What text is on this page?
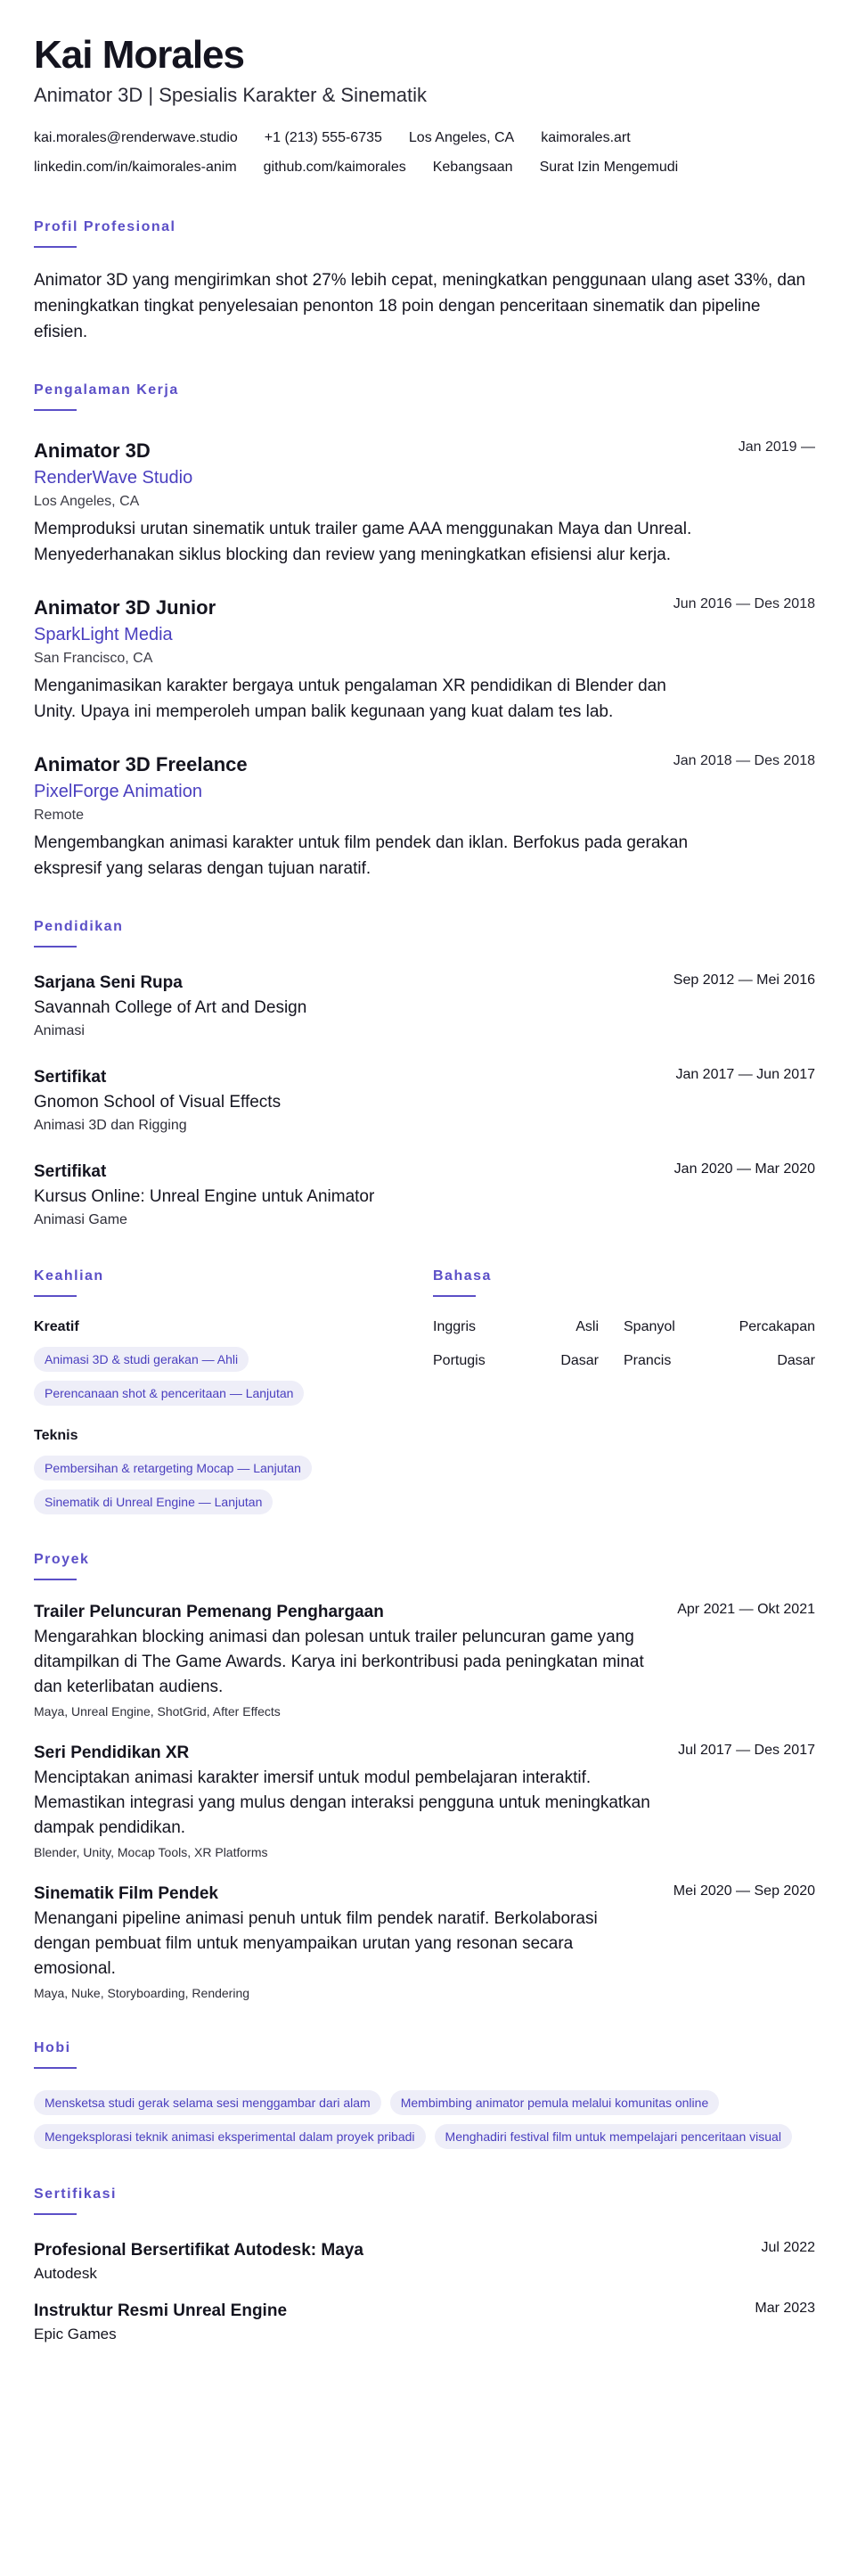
Kai Morales
Animator 3D | Spesialis Karakter & Sinematik
kai.morales@renderwave.studio +1 (213) 555-6735 Los Angeles, CA kaimorales.art
linkedin.com/in/kaimorales-anim github.com/kaimorales Kebangsaan Surat Izin Mengemudi
Profil Profesional
Animator 3D yang mengirimkan shot 27% lebih cepat, meningkatkan penggunaan ulang aset 33%, dan meningkatkan tingkat penyelesaian penonton 18 poin dengan penceritaan sinematik dan pipeline efisien.
Pengalaman Kerja
Jan 2019 —
Animator 3D
RenderWave Studio
Los Angeles, CA
Memproduksi urutan sinematik untuk trailer game AAA menggunakan Maya dan Unreal. Menyederhanakan siklus blocking dan review yang meningkatkan efisiensi alur kerja.
Jun 2016 — Des 2018
Animator 3D Junior
SparkLight Media
San Francisco, CA
Menganimasikan karakter bergaya untuk pengalaman XR pendidikan di Blender dan Unity. Upaya ini memperoleh umpan balik kegunaan yang kuat dalam tes lab.
Jan 2018 — Des 2018
Animator 3D Freelance
PixelForge Animation
Remote
Mengembangkan animasi karakter untuk film pendek dan iklan. Berfokus pada gerakan ekspresif yang selaras dengan tujuan naratif.
Pendidikan
Sep 2012 — Mei 2016
Sarjana Seni Rupa
Savannah College of Art and Design
Animasi
Jan 2017 — Jun 2017
Sertifikat
Gnomon School of Visual Effects
Animasi 3D dan Rigging
Jan 2020 — Mar 2020
Sertifikat
Kursus Online: Unreal Engine untuk Animator
Animasi Game
Keahlian
Kreatif
Animasi 3D & studi gerakan — Ahli
Perencanaan shot & penceritaan — Lanjutan
Teknis
Pembersihan & retargeting Mocap — Lanjutan
Sinematik di Unreal Engine — Lanjutan
Bahasa
Inggris	Asli Spanyol	Percakapan
Portugis	Dasar Prancis	Dasar
Proyek
Apr 2021 — Okt 2021
Trailer Peluncuran Pemenang Penghargaan
Mengarahkan blocking animasi dan polesan untuk trailer peluncuran game yang ditampilkan di The Game Awards. Karya ini berkontribusi pada peningkatan minat dan keterlibatan audiens.
Maya, Unreal Engine, ShotGrid, After Effects
Jul 2017 — Des 2017
Seri Pendidikan XR
Menciptakan animasi karakter imersif untuk modul pembelajaran interaktif. Memastikan integrasi yang mulus dengan interaksi pengguna untuk meningkatkan dampak pendidikan.
Blender, Unity, Mocap Tools, XR Platforms
Mei 2020 — Sep 2020
Sinematik Film Pendek
Menangani pipeline animasi penuh untuk film pendek naratif. Berkolaborasi dengan pembuat film untuk menyampaikan urutan yang resonan secara emosional.
Maya, Nuke, Storyboarding, Rendering
Hobi
Mensketsa studi gerak selama sesi menggambar dari alam	Membimbing animator pemula melalui komunitas online
Mengeksplorasi teknik animasi eksperimental dalam proyek pribadi	Menghadiri festival film untuk mempelajari penceritaan visual
Sertifikasi
Jul 2022
Profesional Bersertifikat Autodesk: Maya
Autodesk
Mar 2023
Instruktur Resmi Unreal Engine
Epic Games
